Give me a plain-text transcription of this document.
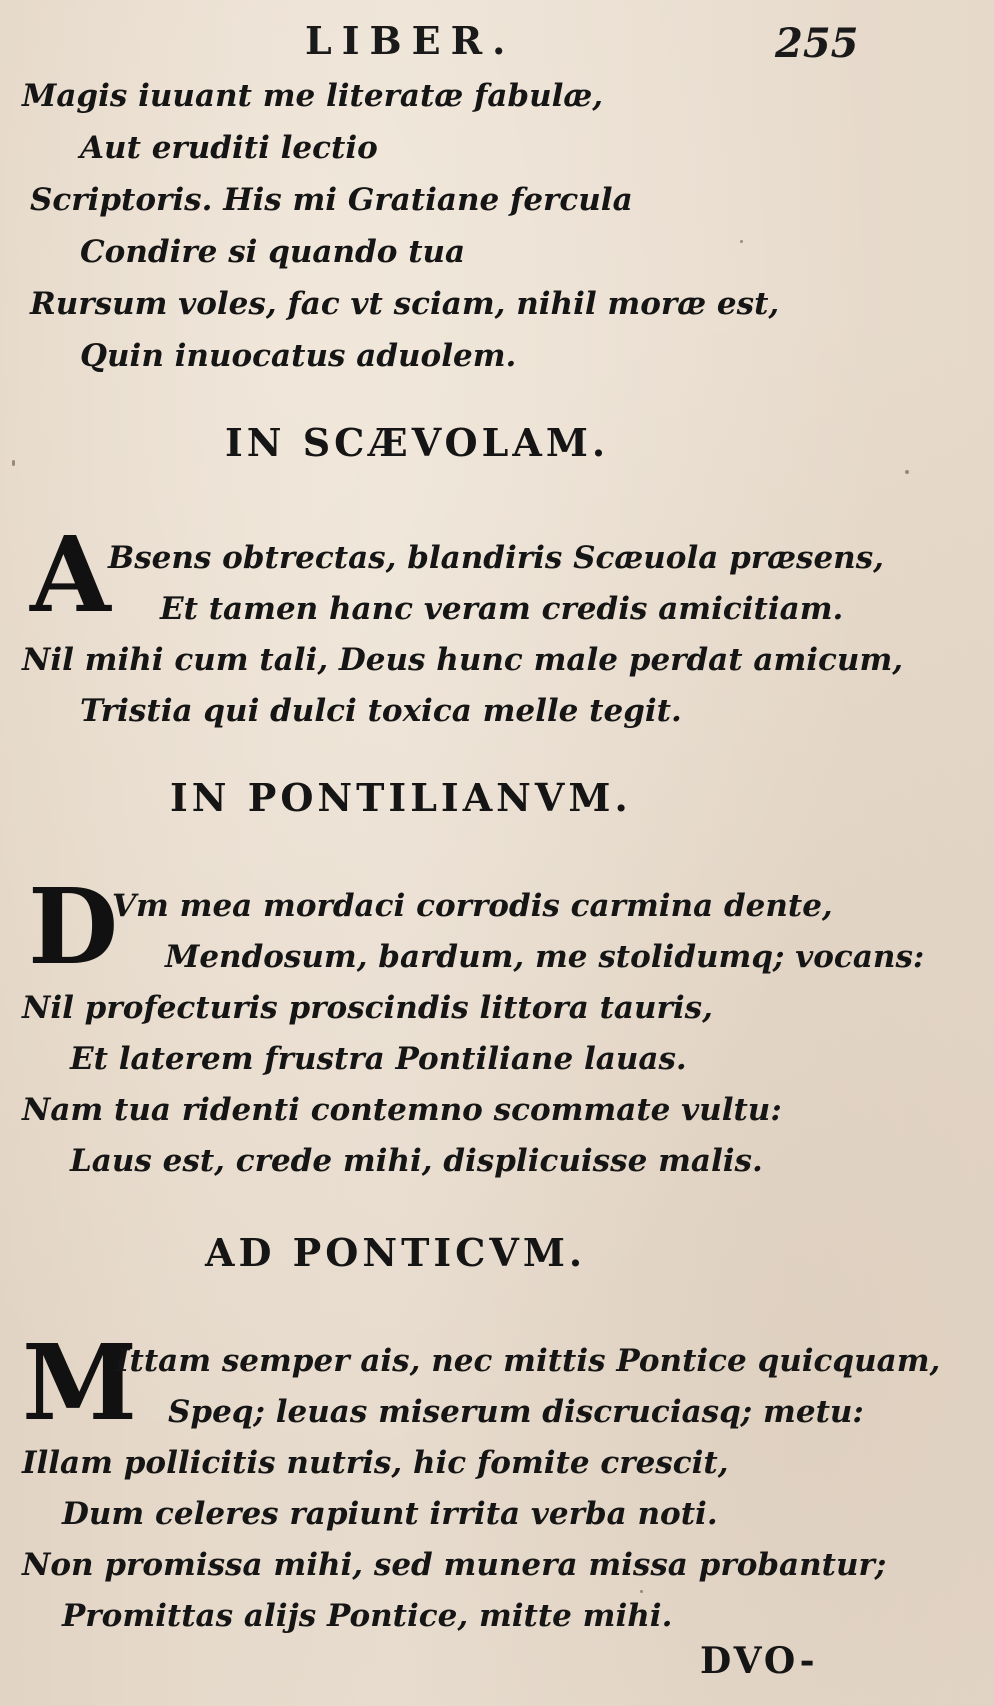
LIBER.	255
Magis iuuant me literatæ fabulæ,
Aut eruditi lectio
Scriptoris. His mi Gratiane fercula
Condire si quando tua
Rursum voles, fac vt sciam, nihil moræ est,
Quin inuocatus aduolem.
IN SCÆVOLAM.
A
Bsens obtrectas, blandiris Scæuola præsens,
Et tamen hanc veram credis amicitiam.
Nil mihi cum tali, Deus hunc male perdat amicum,
Tristia qui dulci toxica melle tegit.
IN PONTILIANVM.
D
Vm mea mordaci corrodis carmina dente,
Mendosum, bardum, me stolidumq; vocans:
Nil profecturis proscindis littora tauris,
Et laterem frustra Pontiliane lauas.
Nam tua ridenti contemno scommate vultu:
Laus est, crede mihi, displicuisse malis.
AD PONTICVM.
M
Ittam semper ais, nec mittis Pontice quicquam,
Speq; leuas miserum discruciasq; metu:
Illam pollicitis nutris, hic fomite crescit,
Dum celeres rapiunt irrita verba noti.
Non promissa mihi, sed munera missa probantur;
Promittas alijs Pontice, mitte mihi.
DVO-
